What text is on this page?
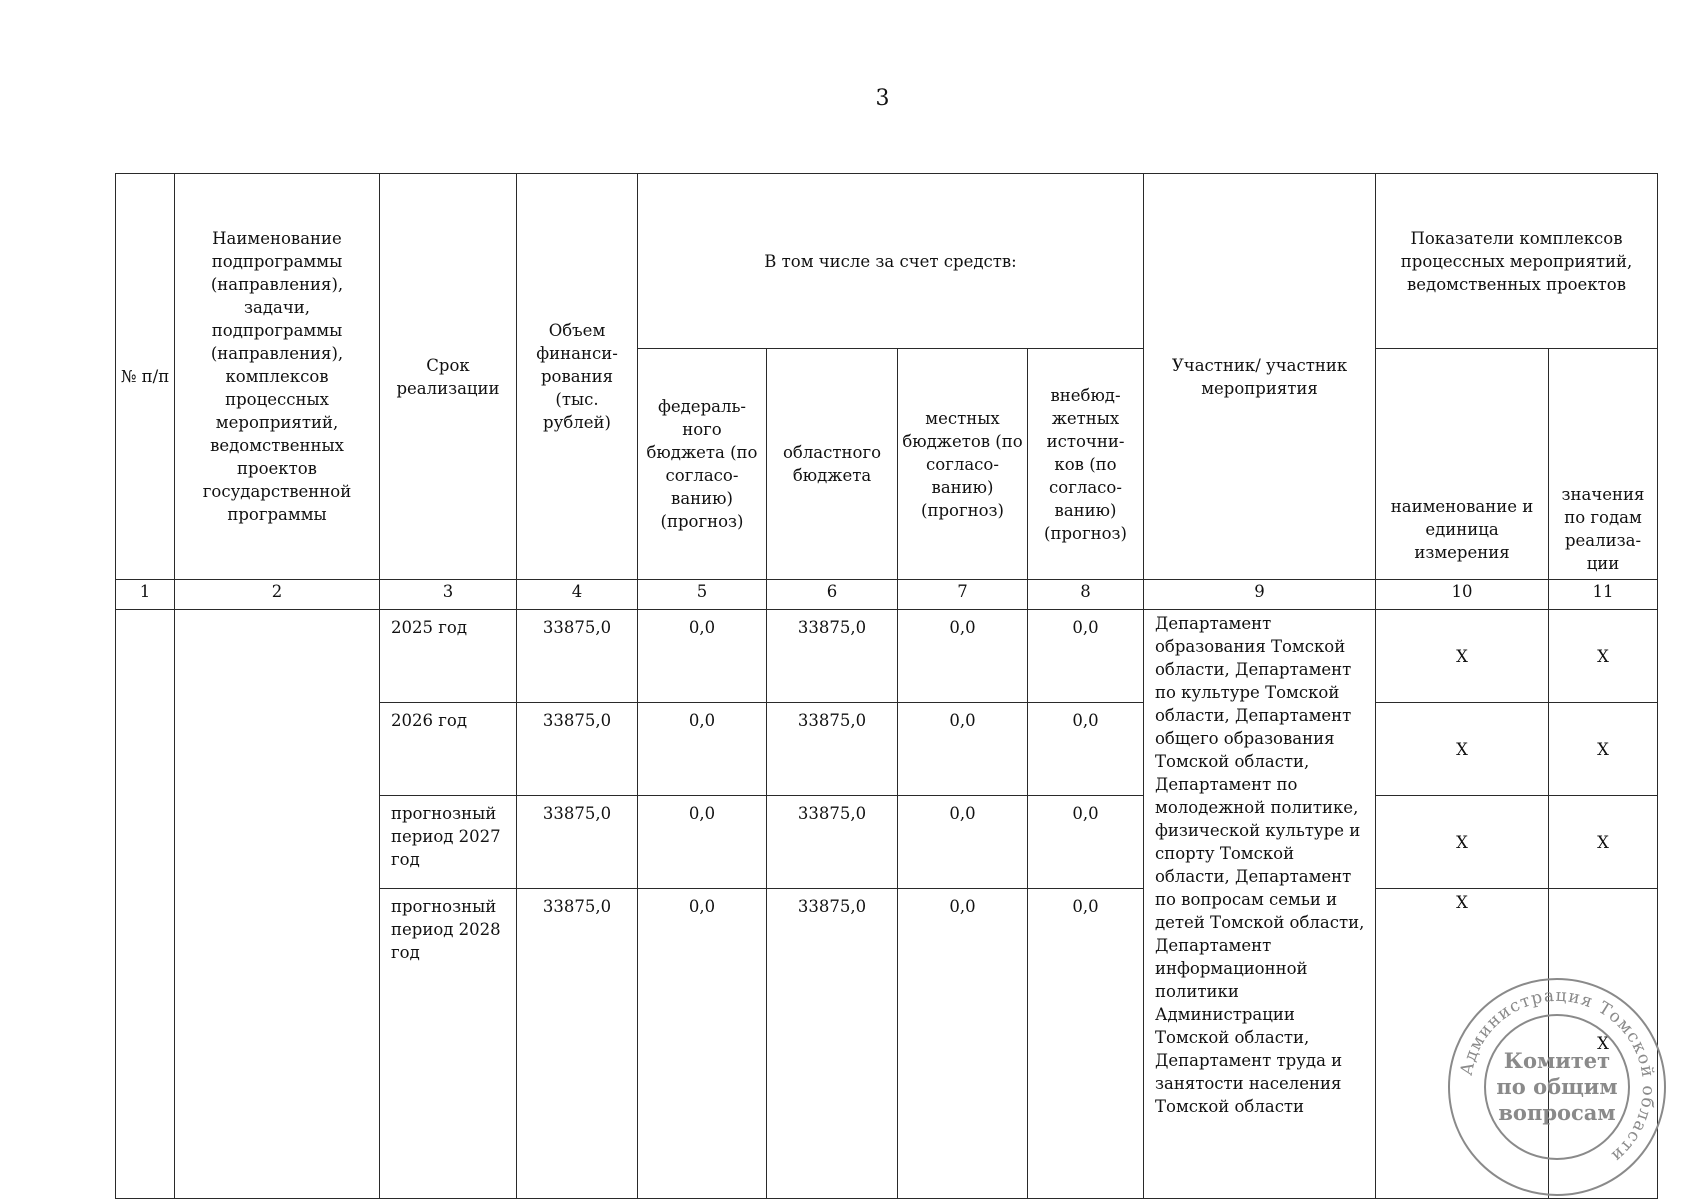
3
№ п/п	Наименование подпрограммы (направления), задачи, подпрограммы (направления), комплексов процессных мероприятий, ведомственных проектов государственной программы	Срок реализации	Объем финанси-рования (тыс. рублей)	В том числе за счет средств:				Участник/ участник мероприятия	Показатели комплексов процессных мероприятий, ведомственных проектов	
				федераль-ного бюджета (по согласо-ванию) (прогноз)	областного бюджета	местных бюджетов (по согласо-ванию) (прогноз)	внебюд-жетных источни-ков (по согласо-ванию) (прогноз)		наименование и единица измерения	значения по годам реализа-ции
1	2	3	4	5	6	7	8	9	10	11
		2025 год	33875,0	0,0	33875,0	0,0	0,0	Департамент образования Томской области, Департамент по культуре Томской области, Департамент общего образования Томской области, Департамент по молодежной политике, физической культуре и спорту Томской области, Департамент по вопросам семьи и детей Томской области, Департамент информационной политики Администрации Томской области, Департамент труда и занятости населения Томской области	Х	Х
		2026 год	33875,0	0,0	33875,0	0,0	0,0		Х	Х
		прогнозный период 2027 год	33875,0	0,0	33875,0	0,0	0,0		Х	Х
		прогнозный период 2028 год	33875,0	0,0	33875,0	0,0	0,0		Х	Х
Администрация Томской области
Комитет
по общим
вопросам
